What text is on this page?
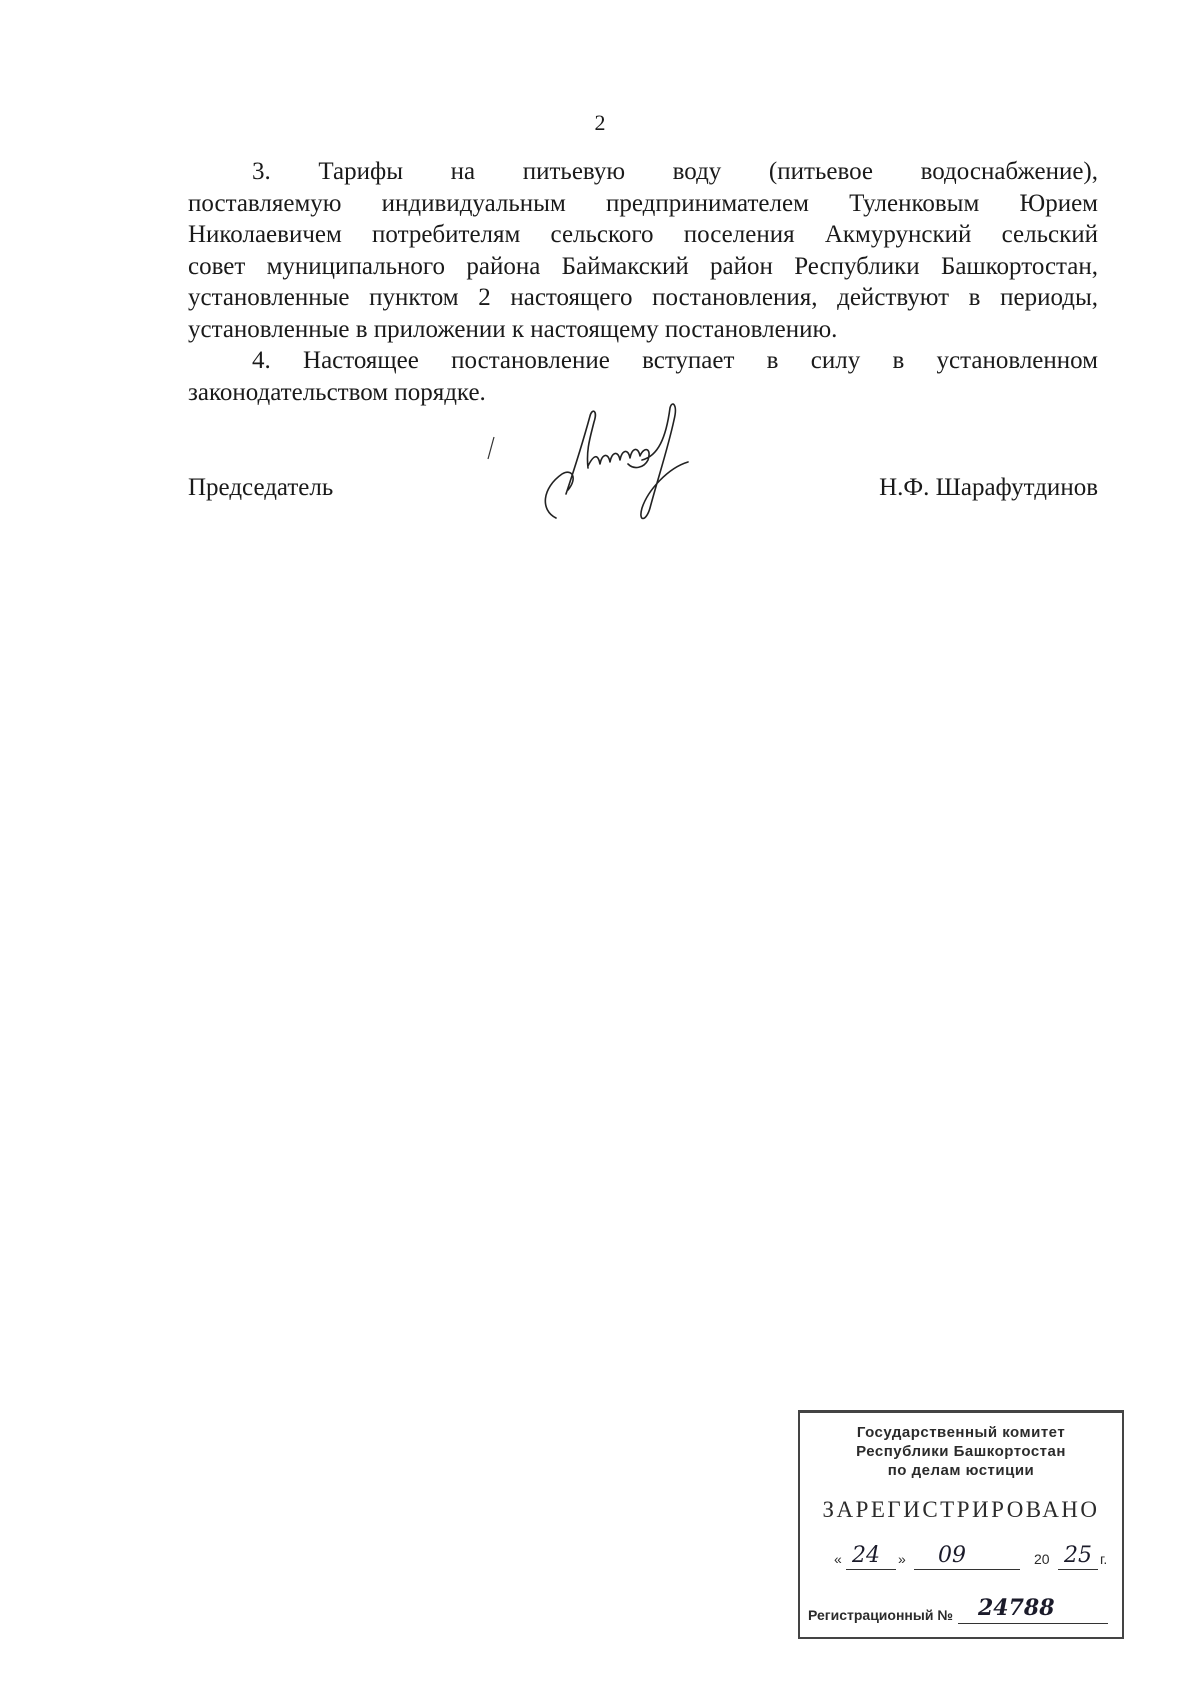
2

3. Тарифы на питьевую воду (питьевое водоснабжение),
поставляемую индивидуальным предпринимателем Туленковым Юрием
Николаевичем потребителям сельского поселения Акмурунский сельский
совет муниципального района Баймакский район Республики Башкортостан,
установленные пунктом 2 настоящего постановления, действуют в периоды,
установленные в приложении к настоящему постановлению.

4. Настоящее постановление вступает в силу в установленном
законодательством порядке.

Председатель	Н.Ф. Шарафутдинов
Государственный комитет
Республики Башкортостан
по делам юстиции
ЗАРЕГИСТРИРОВАНО
« 24 » 09	20 25 г.
Регистрационный № 24788
